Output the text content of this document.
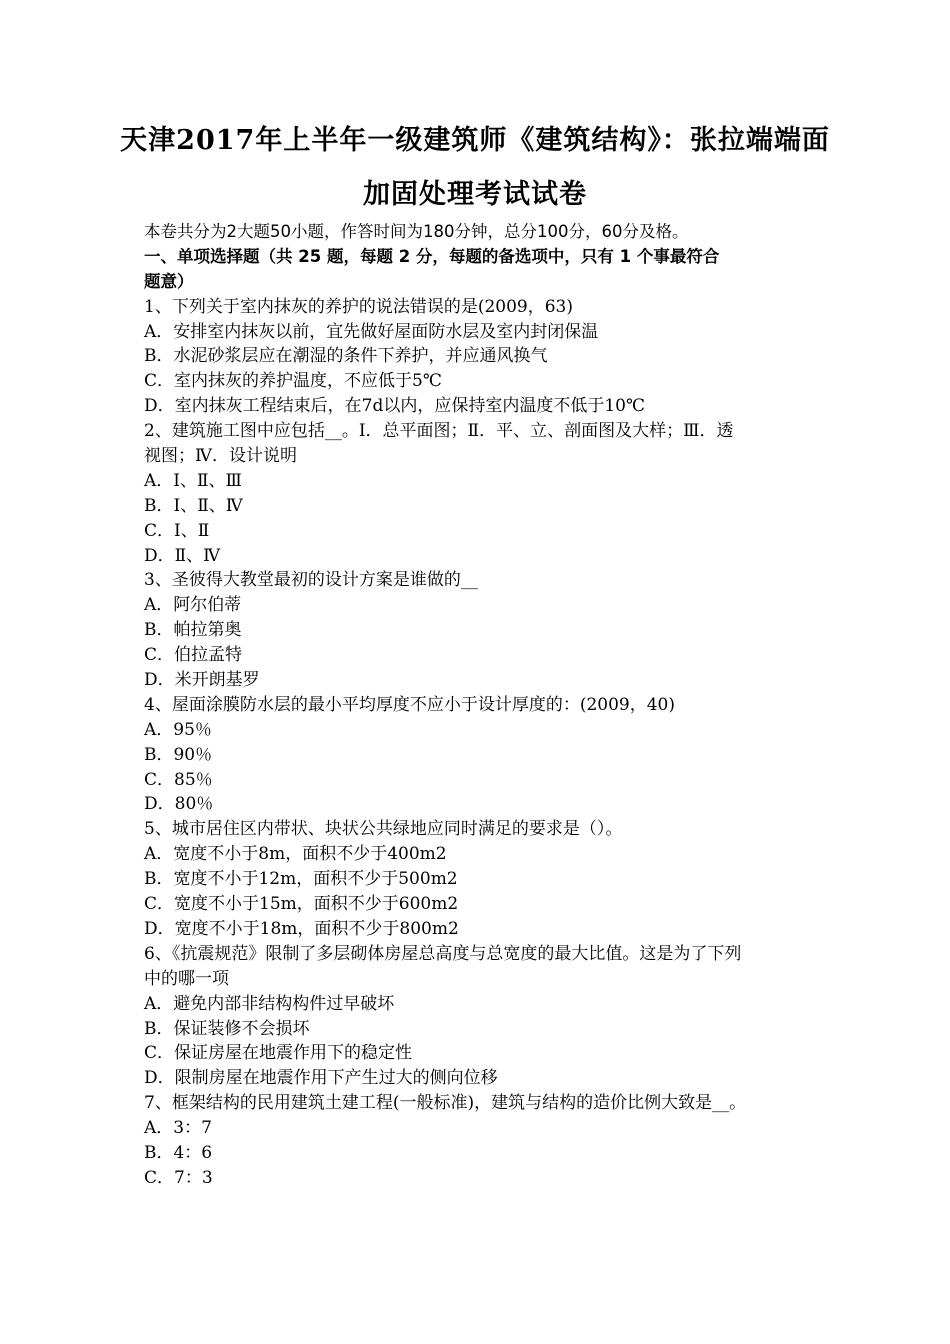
天津2017年上半年一级建筑师《建筑结构》：张拉端端面
加固处理考试试卷
本卷共分为2大题50小题，作答时间为180分钟，总分100分，60分及格。
一、单项选择题（共 25 题，每题 2 分，每题的备选项中，只有 1 个事最符合
题意）
1、下列关于室内抹灰的养护的说法错误的是(2009，63)
A．安排室内抹灰以前，宜先做好屋面防水层及室内封闭保温
B．水泥砂浆层应在潮湿的条件下养护，并应通风换气
C．室内抹灰的养护温度，不应低于5℃
D．室内抹灰工程结束后，在7d以内，应保持室内温度不低于10℃
2、建筑施工图中应包括__。Ⅰ．总平面图；Ⅱ．平、立、剖面图及大样；Ⅲ．透
视图；Ⅳ．设计说明
A．Ⅰ、Ⅱ、Ⅲ
B．Ⅰ、Ⅱ、Ⅳ
C．Ⅰ、Ⅱ
D．Ⅱ、Ⅳ
3、圣彼得大教堂最初的设计方案是谁做的__
A．阿尔伯蒂
B．帕拉第奥
C．伯拉孟特
D．米开朗基罗
4、屋面涂膜防水层的最小平均厚度不应小于设计厚度的：(2009，40)
A．95％
B．90％
C．85％
D．80％
5、城市居住区内带状、块状公共绿地应同时满足的要求是（）。
A．宽度不小于8m，面积不少于400m2
B．宽度不小于12m，面积不少于500m2
C．宽度不小于15m，面积不少于600m2
D．宽度不小于18m，面积不少于800m2
6、《抗震规范》限制了多层砌体房屋总高度与总宽度的最大比值。这是为了下列
中的哪一项
A．避免内部非结构构件过早破坏
B．保证装修不会损坏
C．保证房屋在地震作用下的稳定性
D．限制房屋在地震作用下产生过大的侧向位移
7、框架结构的民用建筑土建工程(一般标准)，建筑与结构的造价比例大致是__。
A．3：7
B．4：6
C．7：3
